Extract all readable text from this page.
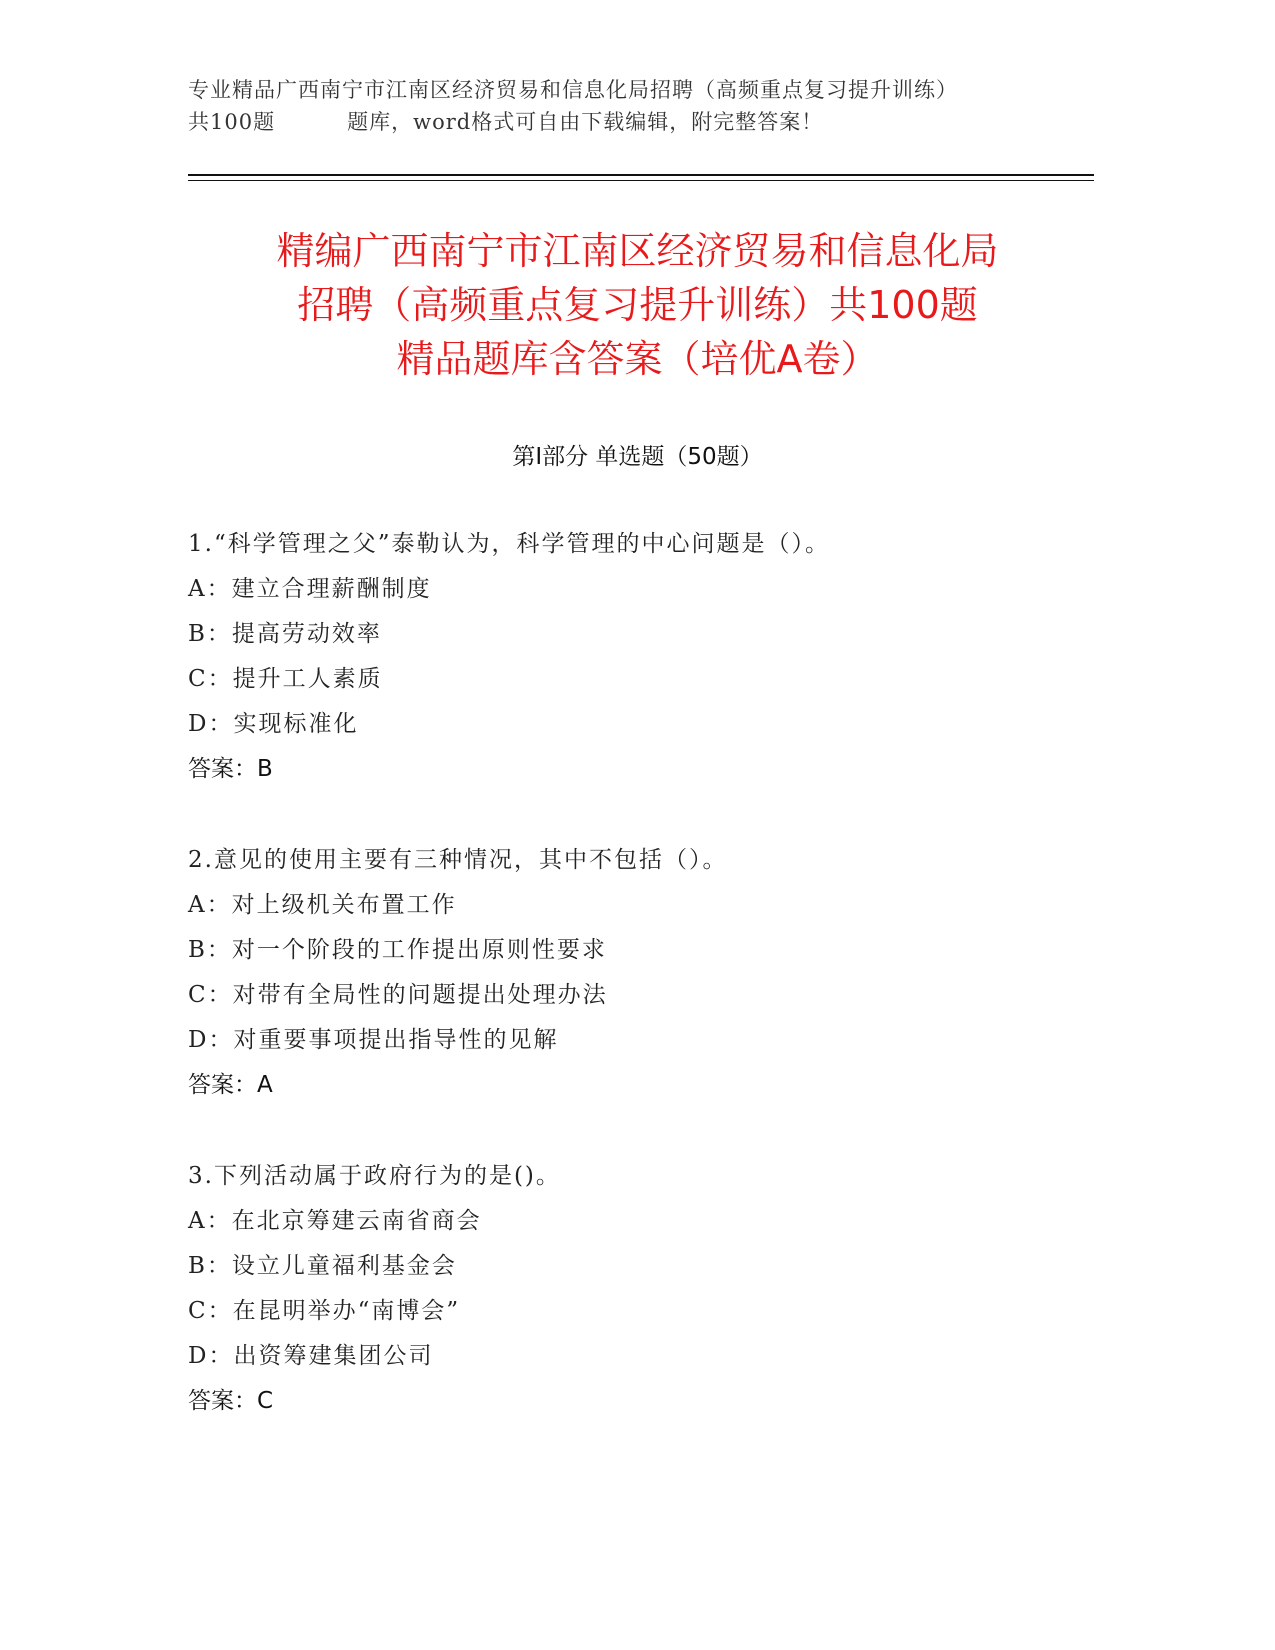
专业精品广西南宁市江南区经济贸易和信息化局招聘（高频重点复习提升训练）
共100题	题库，word格式可自由下载编辑，附完整答案！
精编广西南宁市江南区经济贸易和信息化局
招聘（高频重点复习提升训练）共100题
精品题库含答案（培优A卷）
第Ⅰ部分 单选题（50题）
1.“科学管理之父”泰勒认为，科学管理的中心问题是（）。
A：建立合理薪酬制度
B：提高劳动效率
C：提升工人素质
D：实现标准化
答案：B
2.意见的使用主要有三种情况，其中不包括（）。
A：对上级机关布置工作
B：对一个阶段的工作提出原则性要求
C：对带有全局性的问题提出处理办法
D：对重要事项提出指导性的见解
答案：A
3.下列活动属于政府行为的是()。
A：在北京筹建云南省商会
B：设立儿童福利基金会
C：在昆明举办“南博会”
D：出资筹建集团公司
答案：C
